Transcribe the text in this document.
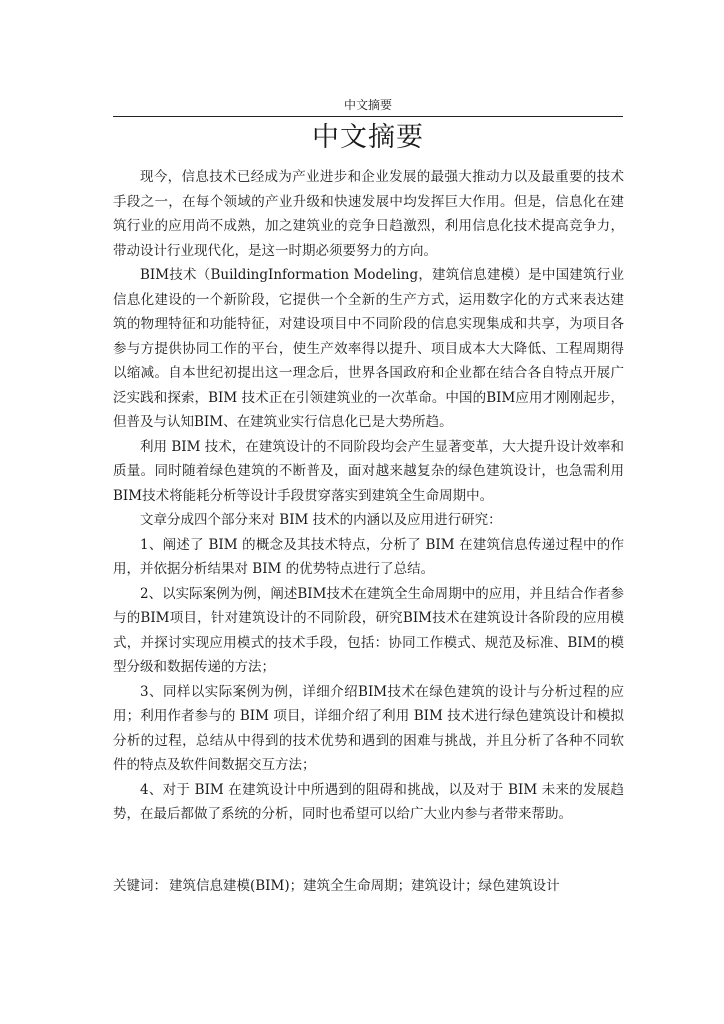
中文摘要
中文摘要

现今，信息技术已经成为产业进步和企业发展的最强大推动力以及最重要的技术手段之一，在每个领域的产业升级和快速发展中均发挥巨大作用。但是，信息化在建筑行业的应用尚不成熟，加之建筑业的竞争日趋激烈，利用信息化技术提高竞争力，带动设计行业现代化，是这一时期必须要努力的方向。

BIM技术（BuildingInformation Modeling，建筑信息建模）是中国建筑行业信息化建设的一个新阶段，它提供一个全新的生产方式，运用数字化的方式来表达建筑的物理特征和功能特征，对建设项目中不同阶段的信息实现集成和共享，为项目各参与方提供协同工作的平台，使生产效率得以提升、项目成本大大降低、工程周期得以缩减。自本世纪初提出这一理念后，世界各国政府和企业都在结合各自特点开展广泛实践和探索，BIM 技术正在引领建筑业的一次革命。中国的BIM应用才刚刚起步，但普及与认知BIM、在建筑业实行信息化已是大势所趋。

利用 BIM 技术，在建筑设计的不同阶段均会产生显著变革，大大提升设计效率和质量。同时随着绿色建筑的不断普及，面对越来越复杂的绿色建筑设计，也急需利用BIM技术将能耗分析等设计手段贯穿落实到建筑全生命周期中。

文章分成四个部分来对 BIM 技术的内涵以及应用进行研究：

1、阐述了 BIM 的概念及其技术特点，分析了 BIM 在建筑信息传递过程中的作用，并依据分析结果对 BIM 的优势特点进行了总结。

2、以实际案例为例，阐述BIM技术在建筑全生命周期中的应用，并且结合作者参与的BIM项目，针对建筑设计的不同阶段，研究BIM技术在建筑设计各阶段的应用模式，并探讨实现应用模式的技术手段，包括：协同工作模式、规范及标准、BIM的模型分级和数据传递的方法；

3、同样以实际案例为例，详细介绍BIM技术在绿色建筑的设计与分析过程的应用；利用作者参与的 BIM 项目，详细介绍了利用 BIM 技术进行绿色建筑设计和模拟分析的过程，总结从中得到的技术优势和遇到的困难与挑战，并且分析了各种不同软件的特点及软件间数据交互方法；

4、对于 BIM 在建筑设计中所遇到的阻碍和挑战，以及对于 BIM 未来的发展趋势，在最后都做了系统的分析，同时也希望可以给广大业内参与者带来帮助。

关键词： 建筑信息建模(BIM)；建筑全生命周期；建筑设计；绿色建筑设计
